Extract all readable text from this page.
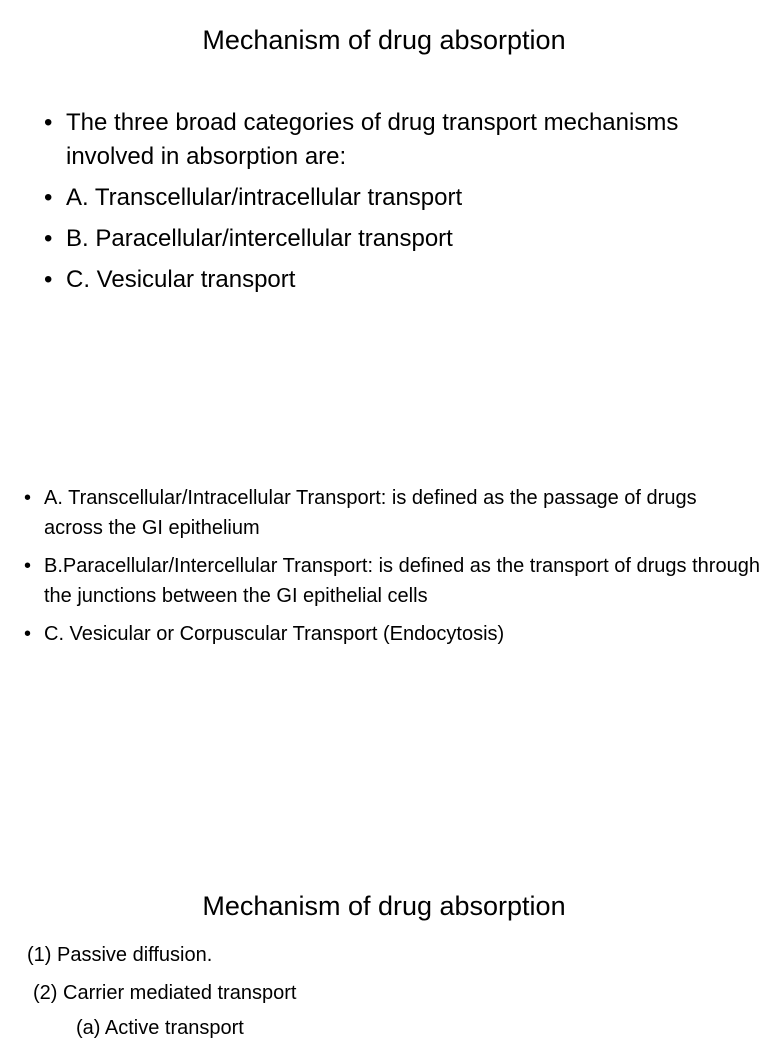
Mechanism of drug absorption
• The three broad categories of drug transport mechanisms involved in absorption are:
• A. Transcellular/intracellular transport
• B. Paracellular/intercellular transport
• C. Vesicular transport
• A. Transcellular/Intracellular Transport: is defined as the passage of drugs across the GI epithelium
• B.Paracellular/Intercellular Transport: is defined as the transport of drugs through the junctions between the GI epithelial cells
• C. Vesicular or Corpuscular Transport (Endocytosis)
Mechanism of drug absorption

(1) Passive diffusion.

(2) Carrier mediated transport

(a) Active transport
